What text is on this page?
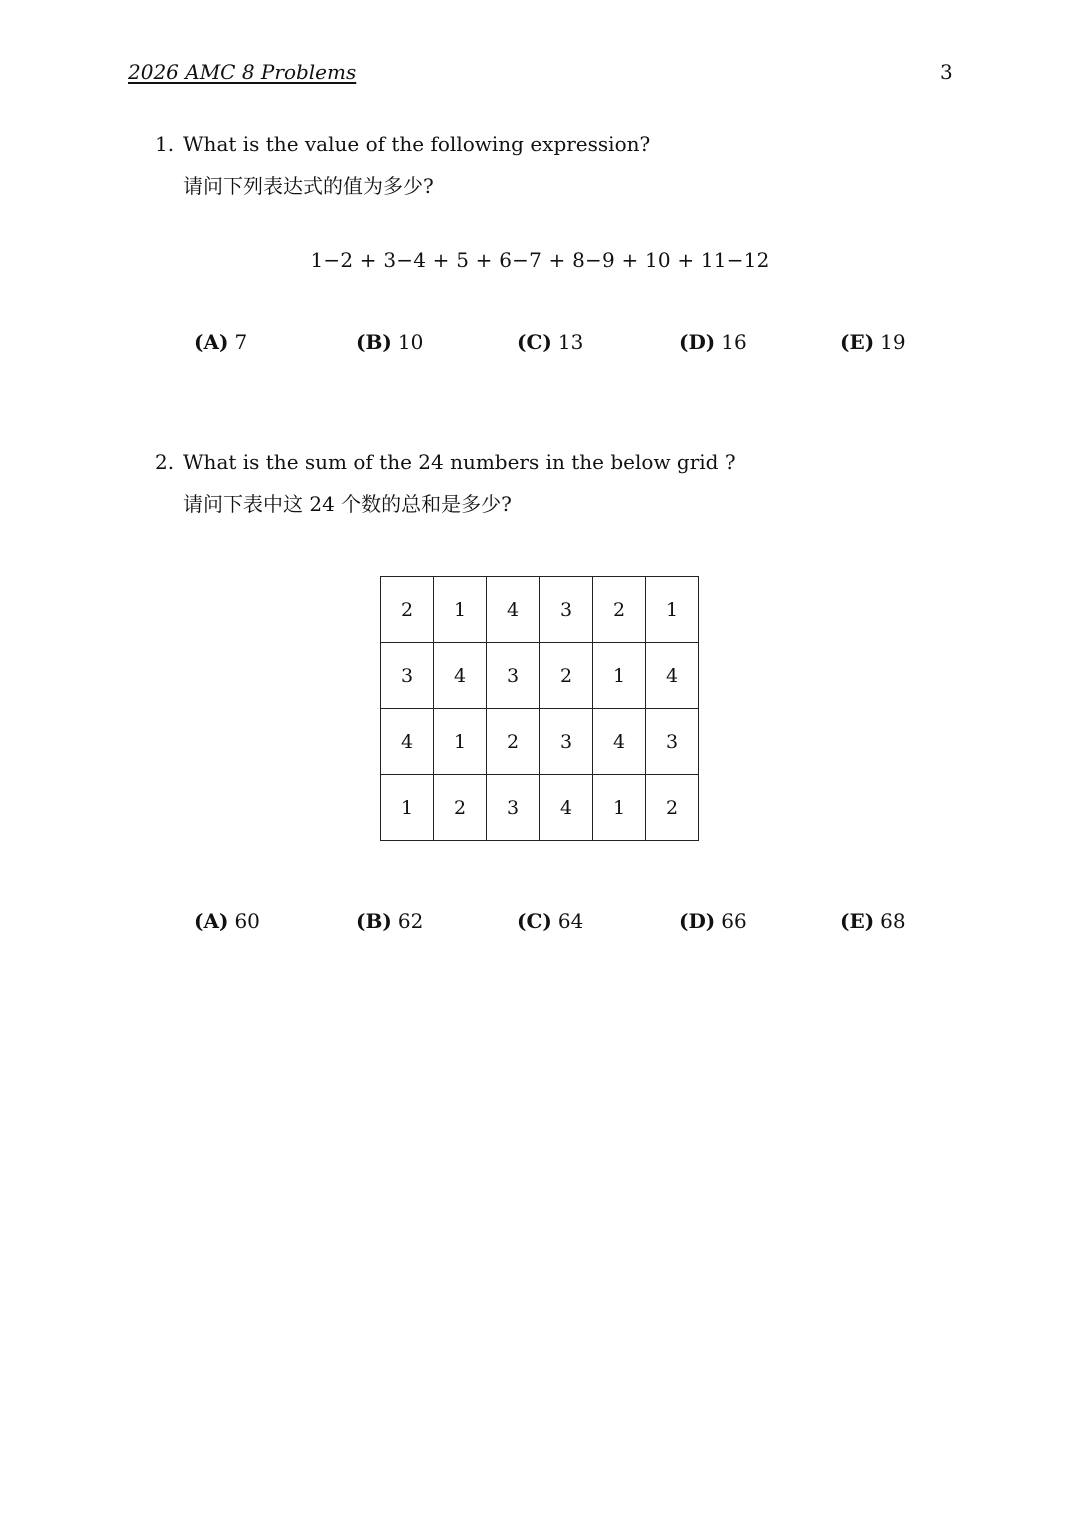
2026 AMC 8 Problems	3
1. What is the value of the following expression?
请问下列表达式的值为多少?
1−2 + 3−4 + 5 + 6−7 + 8−9 + 10 + 11−12
(A) 7	(B) 10	(C) 13	(D) 16	(E) 19
2. What is the sum of the 24 numbers in the below grid ?
请问下表中这 24 个数的总和是多少?
2	1	4	3	2	1
3	4	3	2	1	4
4	1	2	3	4	3
1	2	3	4	1	2
(A) 60	(B) 62	(C) 64	(D) 66	(E) 68
